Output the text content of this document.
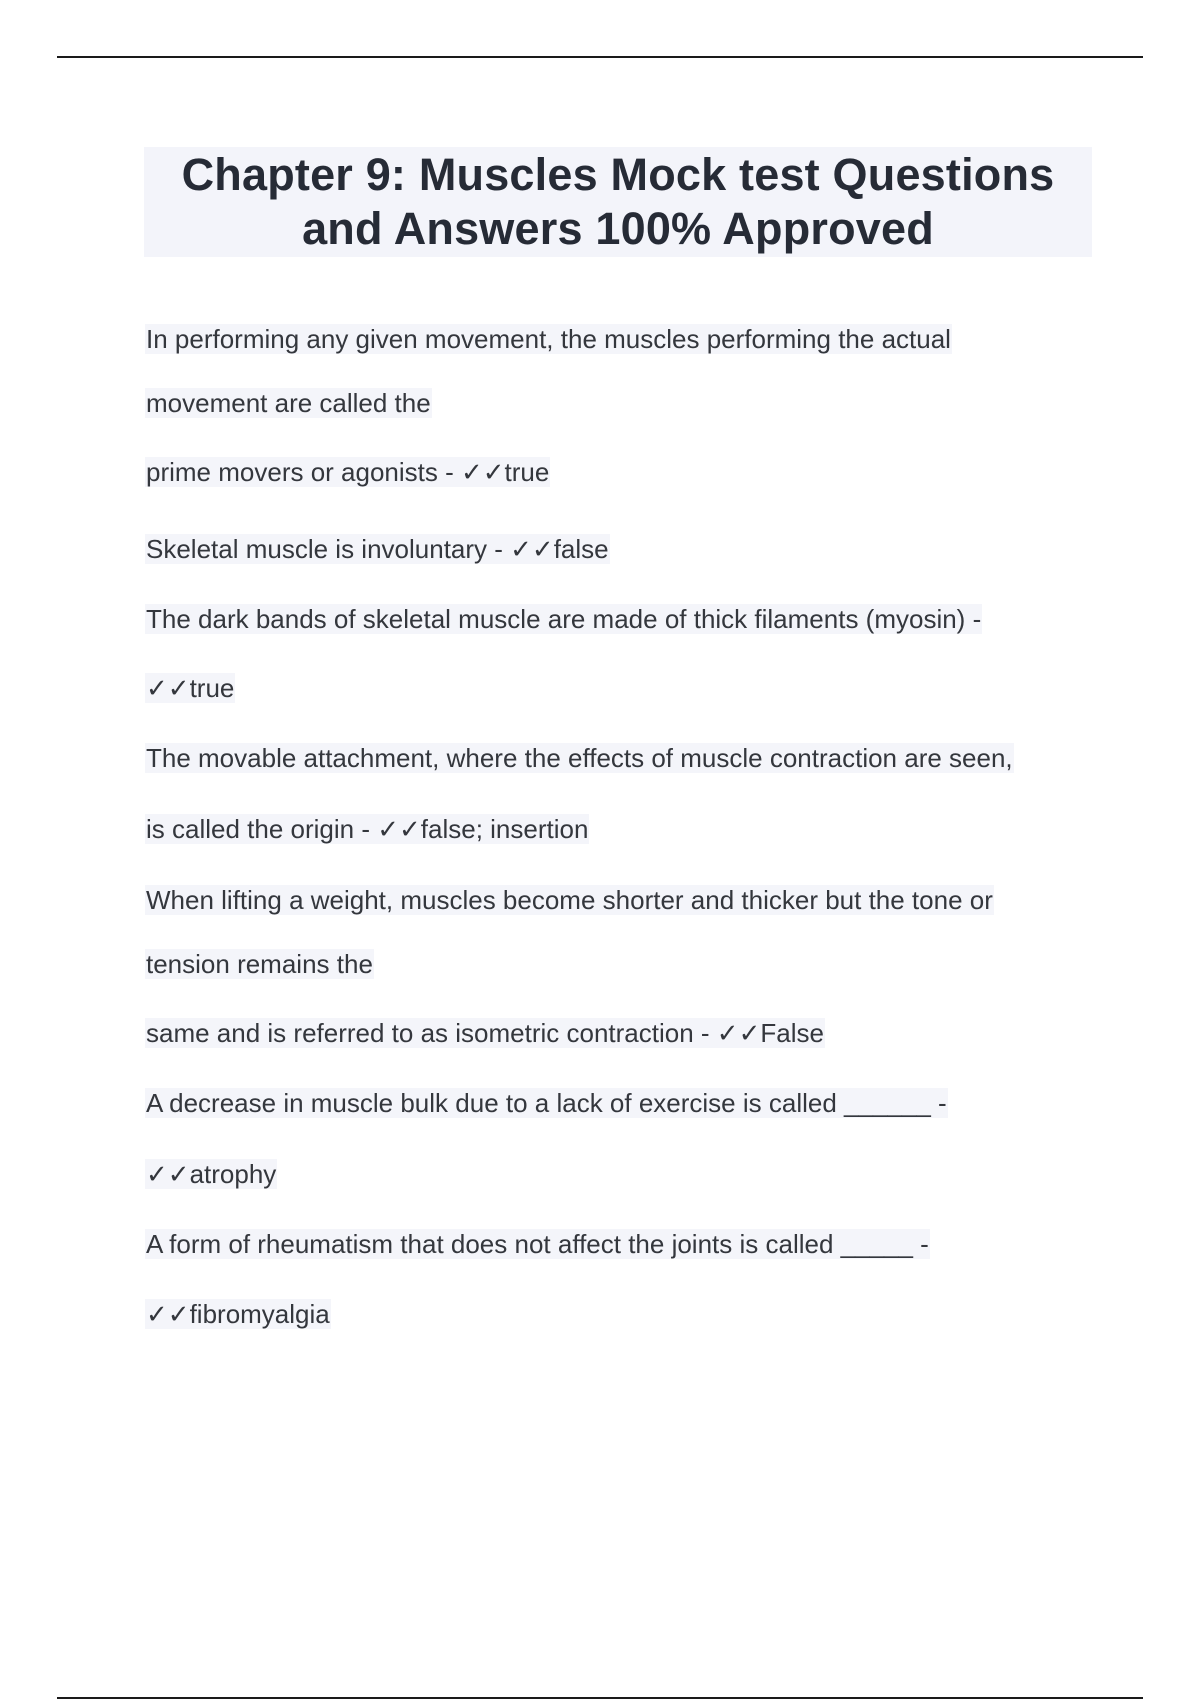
Chapter 9: Muscles Mock test Questions
and Answers 100% Approved
In performing any given movement, the muscles performing the actual
movement are called the
prime movers or agonists - ✓✓true
Skeletal muscle is involuntary - ✓✓false
The dark bands of skeletal muscle are made of thick filaments (myosin) -
✓✓true
The movable attachment, where the effects of muscle contraction are seen,
is called the origin - ✓✓false; insertion
When lifting a weight, muscles become shorter and thicker but the tone or
tension remains the
same and is referred to as isometric contraction - ✓✓False
A decrease in muscle bulk due to a lack of exercise is called ______ -
✓✓atrophy
A form of rheumatism that does not affect the joints is called _____ -
✓✓fibromyalgia
